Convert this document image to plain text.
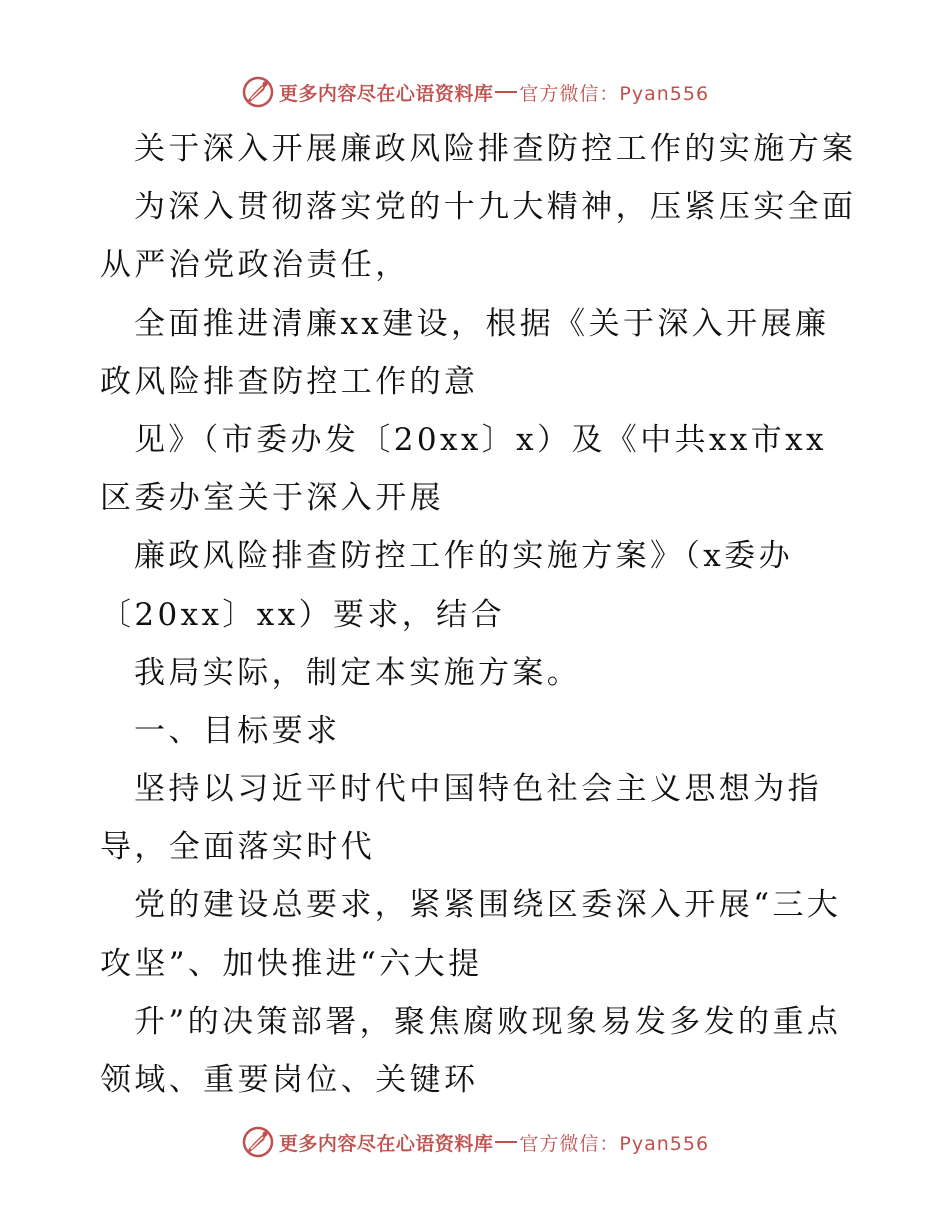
更多内容尽在心语资料库 官方微信：Pyan556
关于深入开展廉政风险排查防控工作的实施方案
为深入贯彻落实党的十九大精神，压紧压实全面
从严治党政治责任，
全面推进清廉xx建设，根据《关于深入开展廉
政风险排查防控工作的意
见》（市委办发〔20xx〕x）及《中共xx市xx
区委办室关于深入开展
廉政风险排查防控工作的实施方案》（x委办
〔20xx〕xx）要求，结合
我局实际，制定本实施方案。
一、目标要求
坚持以习近平时代中国特色社会主义思想为指
导，全面落实时代
党的建设总要求，紧紧围绕区委深入开展“三大
攻坚”、加快推进“六大提
升”的决策部署，聚焦腐败现象易发多发的重点
领域、重要岗位、关键环
更多内容尽在心语资料库 官方微信：Pyan556
